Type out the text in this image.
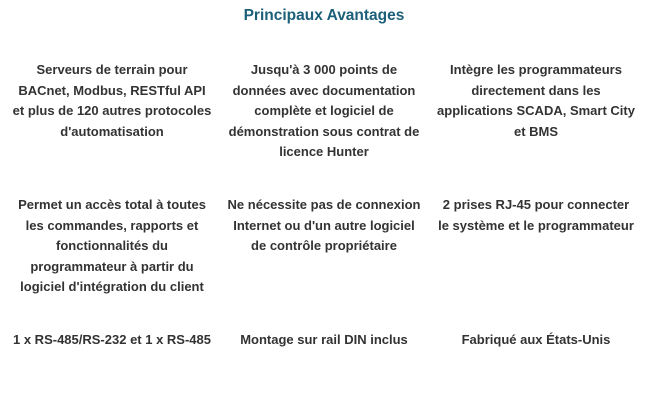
Principaux Avantages
Serveurs de terrain pour BACnet, Modbus, RESTful API et plus de 120 autres protocoles d'automatisation
Jusqu'à 3 000 points de données avec documentation complète et logiciel de démonstration sous contrat de licence Hunter
Intègre les programmateurs directement dans les applications SCADA, Smart City et BMS
Permet un accès total à toutes les commandes, rapports et fonctionnalités du programmateur à partir du logiciel d'intégration du client
Ne nécessite pas de connexion Internet ou d'un autre logiciel de contrôle propriétaire
2 prises RJ-45 pour connecter le système et le programmateur
1 x RS-485/RS-232 et 1 x RS-485	Montage sur rail DIN inclus	Fabriqué aux États-Unis
